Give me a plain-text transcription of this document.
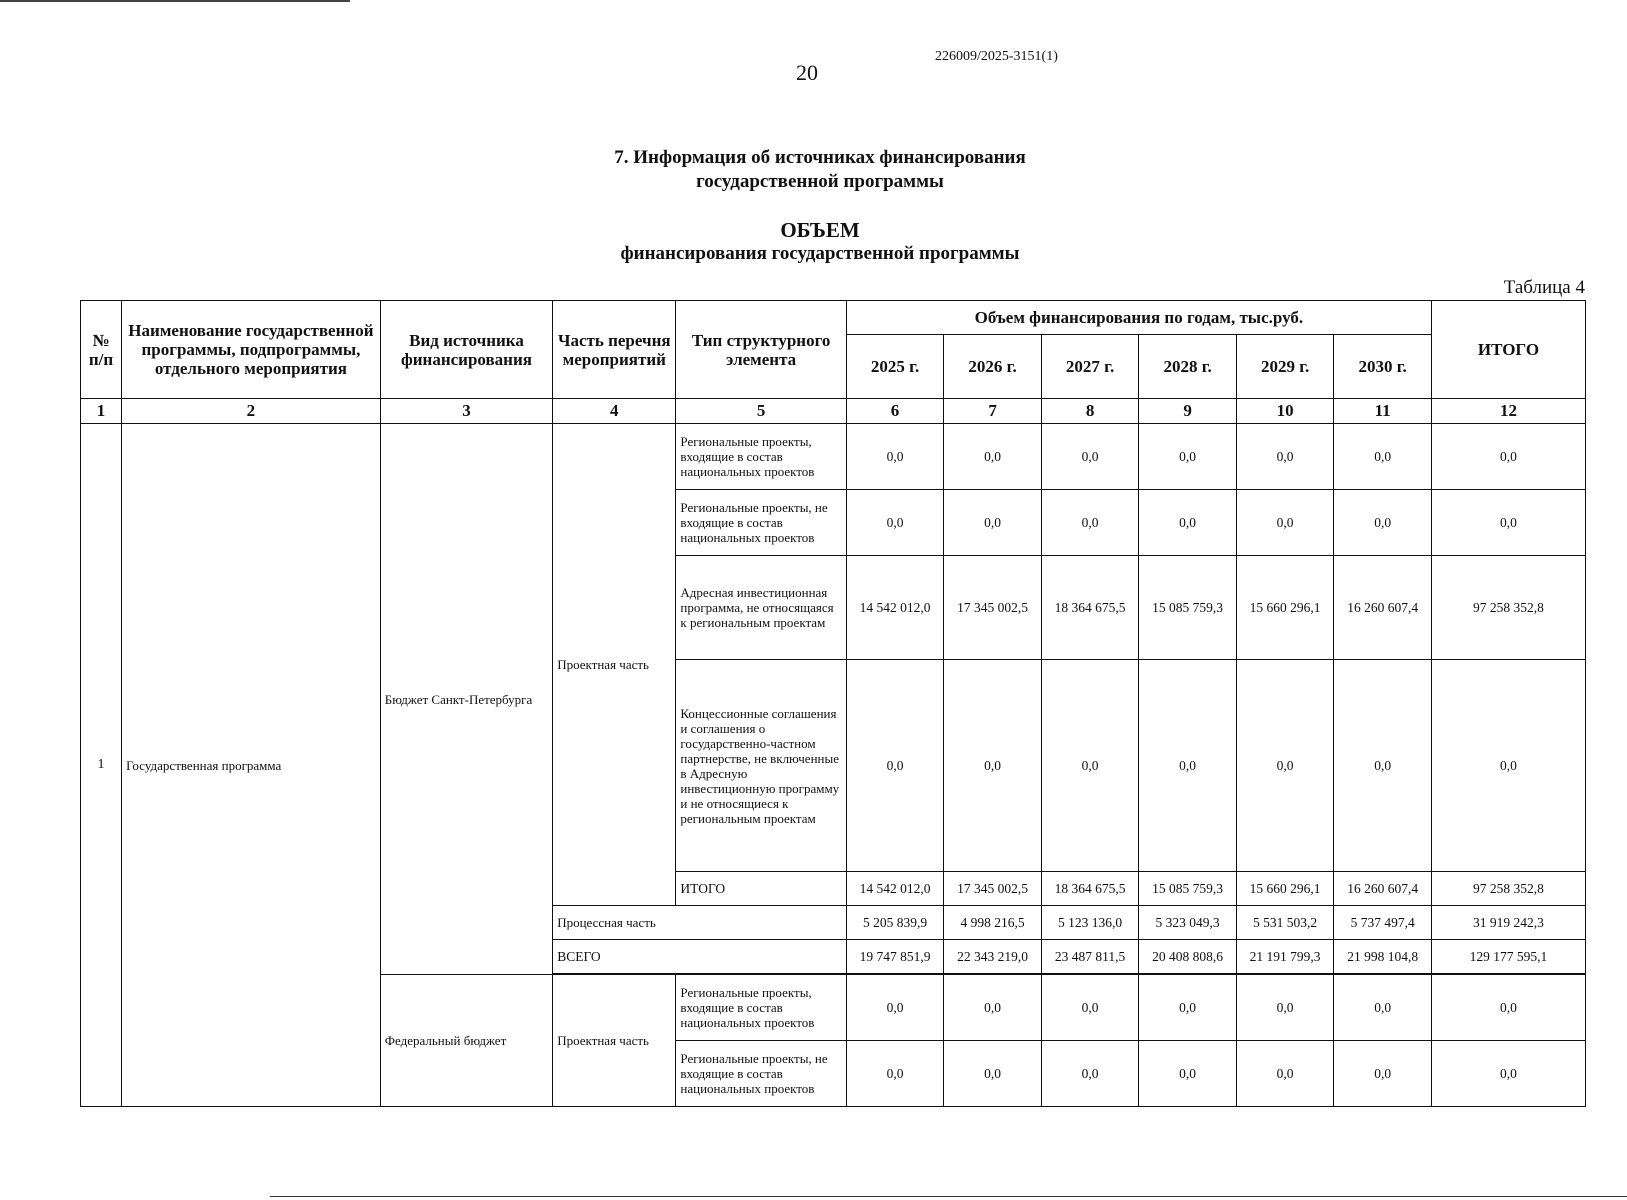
226009/2025-3151(1)
20
7. Информация об источниках финансирования
государственной программы
ОБЪЕМ
финансирования государственной программы
Таблица 4
№ п/п	Наименование государственной программы, подпрограммы, отдельного мероприятия	Вид источника финансирования	Часть перечня мероприятий	Тип структурного элемента	Объем финансирования по годам, тыс.руб.						ИТОГО
					2025 г.	2026 г.	2027 г.	2028 г.	2029 г.	2030 г.	
1	2	3	4	5	6	7	8	9	10	11	12
1	Государственная программа	Бюджет Санкт-Петербурга	Проектная часть	Региональные проекты, входящие в состав национальных проектов	0,0	0,0	0,0	0,0	0,0	0,0	0,0
				Региональные проекты, не входящие в состав национальных проектов	0,0	0,0	0,0	0,0	0,0	0,0	0,0
				Адресная инвестиционная программа, не относящаяся к региональным проектам	14 542 012,0	17 345 002,5	18 364 675,5	15 085 759,3	15 660 296,1	16 260 607,4	97 258 352,8
				Концессионные соглашения и соглашения о государственно-частном партнерстве, не включенные в Адресную инвестиционную программу и не относящиеся к региональным проектам	0,0	0,0	0,0	0,0	0,0	0,0	0,0
				ИТОГО	14 542 012,0	17 345 002,5	18 364 675,5	15 085 759,3	15 660 296,1	16 260 607,4	97 258 352,8
			Процессная часть		5 205 839,9	4 998 216,5	5 123 136,0	5 323 049,3	5 531 503,2	5 737 497,4	31 919 242,3
			ВСЕГО		19 747 851,9	22 343 219,0	23 487 811,5	20 408 808,6	21 191 799,3	21 998 104,8	129 177 595,1

		Федеральный бюджет	Проектная часть	Региональные проекты, входящие в состав национальных проектов	0,0	0,0	0,0	0,0	0,0	0,0	0,0
				Региональные проекты, не входящие в состав национальных проектов	0,0	0,0	0,0	0,0	0,0	0,0	0,0
